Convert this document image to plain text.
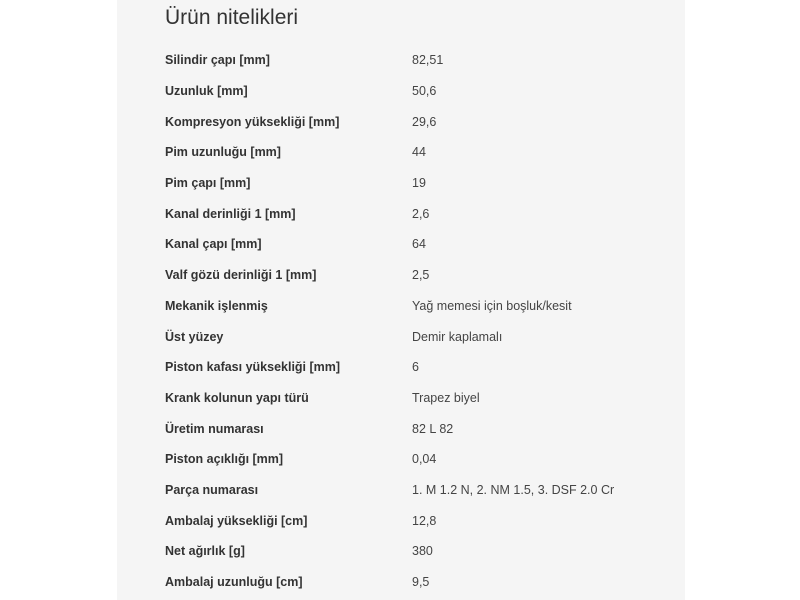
Ürün nitelikleri
Silindir çapı [mm]	82,51
Uzunluk [mm]	50,6
Kompresyon yüksekliği [mm]	29,6
Pim uzunluğu [mm]	44
Pim çapı [mm]	19
Kanal derinliği 1 [mm]	2,6
Kanal çapı [mm]	64
Valf gözü derinliği 1 [mm]	2,5
Mekanik işlenmiş	Yağ memesi için boşluk/kesit
Üst yüzey	Demir kaplamalı
Piston kafası yüksekliği [mm]	6
Krank kolunun yapı türü	Trapez biyel
Üretim numarası	82 L 82
Piston açıklığı [mm]	0,04
Parça numarası	1. M 1.2 N, 2. NM 1.5, 3. DSF 2.0 Cr
Ambalaj yüksekliği [cm]	12,8
Net ağırlık [g]	380
Ambalaj uzunluğu [cm]	9,5
